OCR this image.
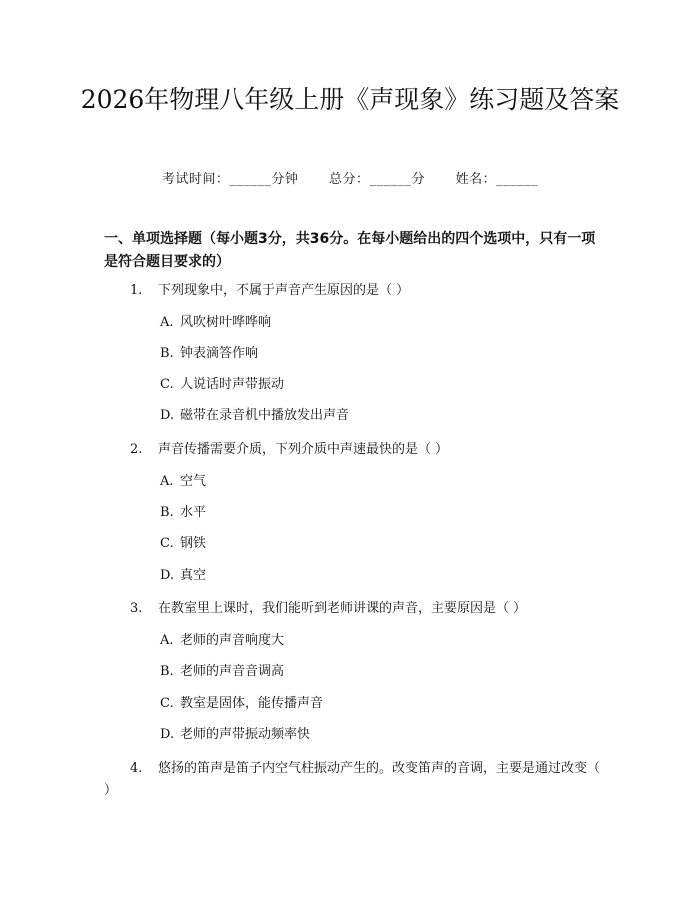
2026年物理八年级上册《声现象》练习题及答案
考试时间：______分钟 总分：______分 姓名：______
一、单项选择题（每小题3分，共36分。在每小题给出的四个选项中，只有一项是符合题目要求的）
1.	下列现象中，不属于声音产生原因的是（ ）
A. 风吹树叶哗哗响
B. 钟表滴答作响
C. 人说话时声带振动
D. 磁带在录音机中播放发出声音
2.	声音传播需要介质，下列介质中声速最快的是（ ）
A. 空气
B. 水平
C. 钢铁
D. 真空
3.	在教室里上课时，我们能听到老师讲课的声音，主要原因是（ ）
A. 老师的声音响度大
B. 老师的声音音调高
C. 教室是固体，能传播声音
D. 老师的声带振动频率快
4.	悠扬的笛声是笛子内空气柱振动产生的。改变笛声的音调，主要是通过改变（ ）
